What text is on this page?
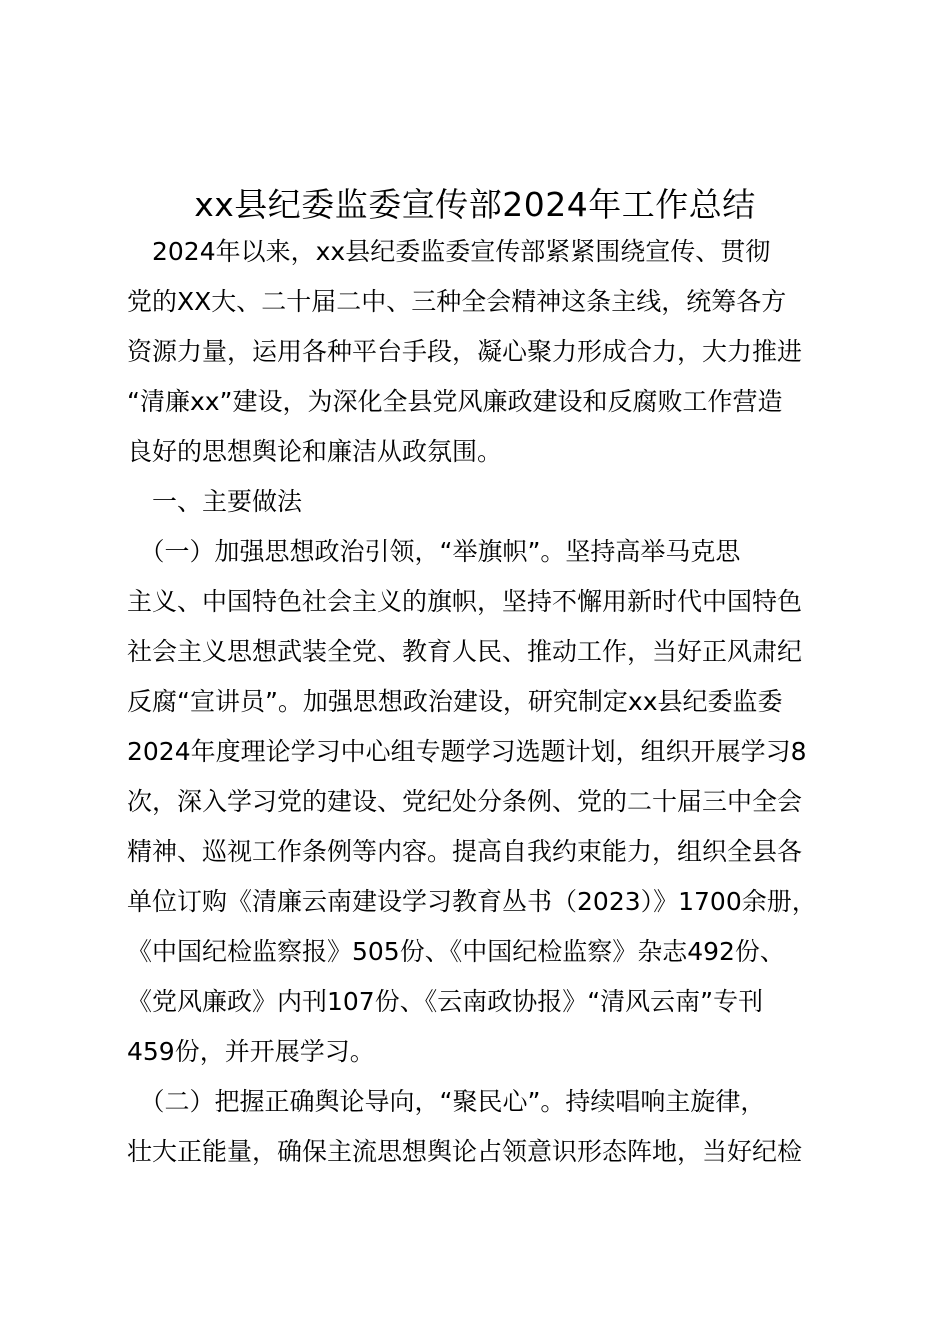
xx县纪委监委宣传部2024年工作总结
　2024年以来，xx县纪委监委宣传部紧紧围绕宣传、贯彻
党的XX大、二十届二中、三种全会精神这条主线，统筹各方
资源力量，运用各种平台手段，凝心聚力形成合力，大力推进
“清廉xx”建设，为深化全县党风廉政建设和反腐败工作营造
良好的思想舆论和廉洁从政氛围。
　一、主要做法
　（一）加强思想政治引领，“举旗帜”。坚持高举马克思
主义、中国特色社会主义的旗帜，坚持不懈用新时代中国特色
社会主义思想武装全党、教育人民、推动工作，当好正风肃纪
反腐“宣讲员”。加强思想政治建设，研究制定xx县纪委监委
2024年度理论学习中心组专题学习选题计划，组织开展学习8
次，深入学习党的建设、党纪处分条例、党的二十届三中全会
精神、巡视工作条例等内容。提高自我约束能力，组织全县各
单位订购《清廉云南建设学习教育丛书（2023）》1700余册，
《中国纪检监察报》505份、《中国纪检监察》杂志492份、
《党风廉政》内刊107份、《云南政协报》“清风云南”专刊
459份，并开展学习。
　（二）把握正确舆论导向，“聚民心”。持续唱响主旋律，
壮大正能量，确保主流思想舆论占领意识形态阵地，当好纪检
